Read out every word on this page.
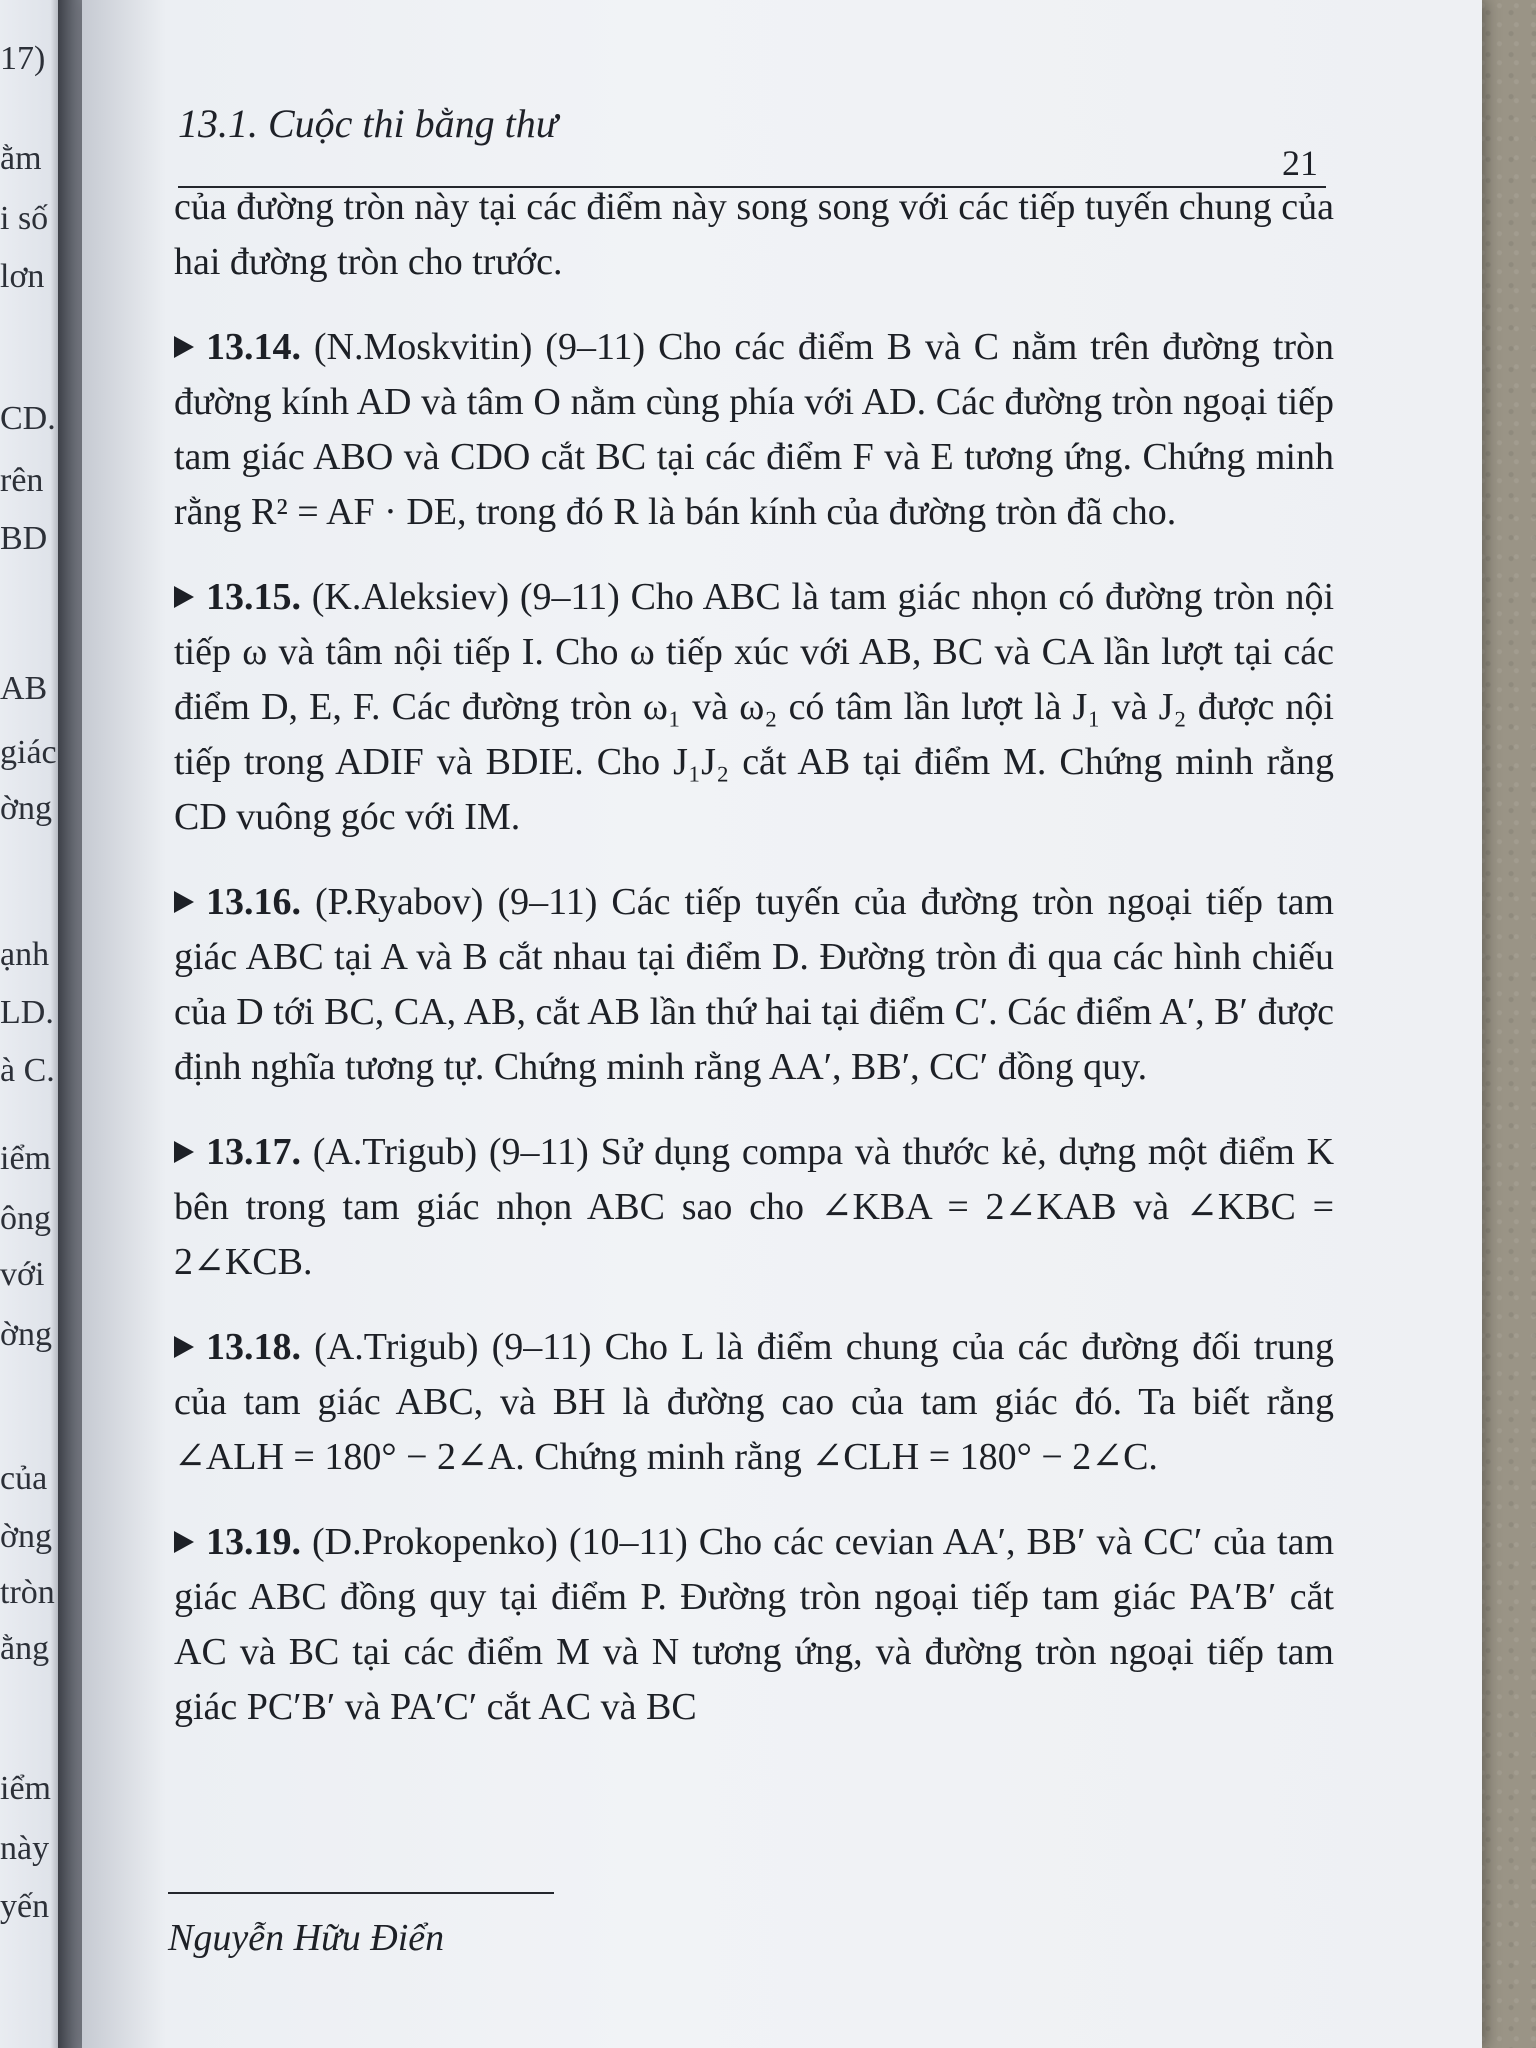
17)
ằm
i số
lơn
CD.
rên
BD
AB
giác
ờng
ạnh
LD.
à C.
iểm
ông
với
ờng
của
ờng
tròn
ằng
iểm
này
yến
13.1. Cuộc thi bằng thư
21

của đường tròn này tại các điểm này song song với các tiếp tuyến chung của hai đường tròn cho trước.

13.14. (N.Moskvitin) (9–11) Cho các điểm B và C nằm trên đường tròn đường kính AD và tâm O nằm cùng phía với AD. Các đường tròn ngoại tiếp tam giác ABO và CDO cắt BC tại các điểm F và E tương ứng. Chứng minh rằng R² = AF · DE, trong đó R là bán kính của đường tròn đã cho.

13.15. (K.Aleksiev) (9–11) Cho ABC là tam giác nhọn có đường tròn nội tiếp ω và tâm nội tiếp I. Cho ω tiếp xúc với AB, BC và CA lần lượt tại các điểm D, E, F. Các đường tròn ω₁ và ω₂ có tâm lần lượt là J₁ và J₂ được nội tiếp trong ADIF và BDIE. Cho J₁J₂ cắt AB tại điểm M. Chứng minh rằng CD vuông góc với IM.

13.16. (P.Ryabov) (9–11) Các tiếp tuyến của đường tròn ngoại tiếp tam giác ABC tại A và B cắt nhau tại điểm D. Đường tròn đi qua các hình chiếu của D tới BC, CA, AB, cắt AB lần thứ hai tại điểm C′. Các điểm A′, B′ được định nghĩa tương tự. Chứng minh rằng AA′, BB′, CC′ đồng quy.

13.17. (A.Trigub) (9–11) Sử dụng compa và thước kẻ, dựng một điểm K bên trong tam giác nhọn ABC sao cho ∠KBA = 2∠KAB và ∠KBC = 2∠KCB.

13.18. (A.Trigub) (9–11) Cho L là điểm chung của các đường đối trung của tam giác ABC, và BH là đường cao của tam giác đó. Ta biết rằng ∠ALH = 180° − 2∠A. Chứng minh rằng ∠CLH = 180° − 2∠C.

13.19. (D.Prokopenko) (10–11) Cho các cevian AA′, BB′ và CC′ của tam giác ABC đồng quy tại điểm P. Đường tròn ngoại tiếp tam giác PA′B′ cắt AC và BC tại các điểm M và N tương ứng, và đường tròn ngoại tiếp tam giác PC′B′ và PA′C′ cắt AC và BC

Nguyễn Hữu Điển
